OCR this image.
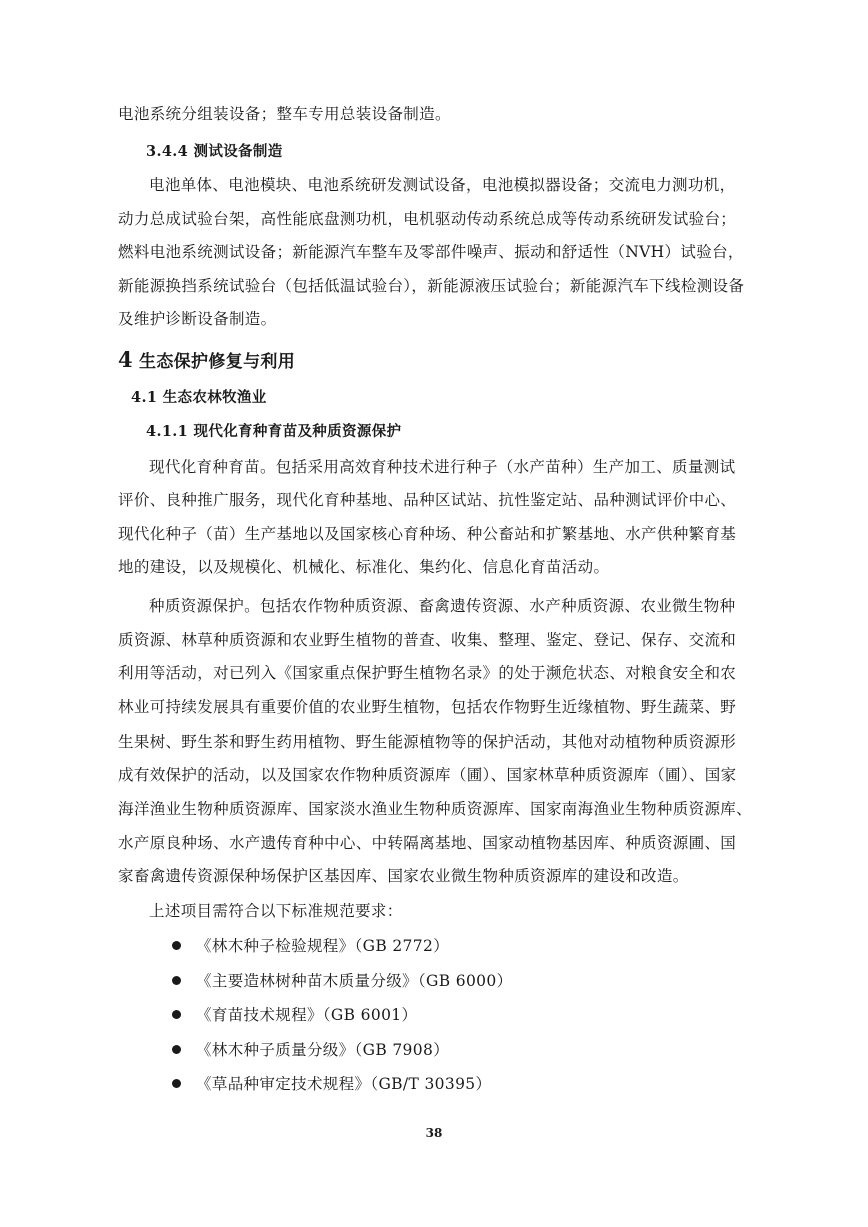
电池系统分组装设备；整车专用总装设备制造。
3.4.4 测试设备制造
电池单体、电池模块、电池系统研发测试设备，电池模拟器设备；交流电力测功机，
动力总成试验台架，高性能底盘测功机，电机驱动传动系统总成等传动系统研发试验台；
燃料电池系统测试设备；新能源汽车整车及零部件噪声、振动和舒适性（NVH）试验台，
新能源换挡系统试验台（包括低温试验台），新能源液压试验台；新能源汽车下线检测设备
及维护诊断设备制造。
4 生态保护修复与利用
4.1 生态农林牧渔业
4.1.1 现代化育种育苗及种质资源保护
现代化育种育苗。包括采用高效育种技术进行种子（水产苗种）生产加工、质量测试
评价、良种推广服务，现代化育种基地、品种区试站、抗性鉴定站、品种测试评价中心、
现代化种子（苗）生产基地以及国家核心育种场、种公畜站和扩繁基地、水产供种繁育基
地的建设，以及规模化、机械化、标准化、集约化、信息化育苗活动。
种质资源保护。包括农作物种质资源、畜禽遗传资源、水产种质资源、农业微生物种
质资源、林草种质资源和农业野生植物的普查、收集、整理、鉴定、登记、保存、交流和
利用等活动，对已列入《国家重点保护野生植物名录》的处于濒危状态、对粮食安全和农
林业可持续发展具有重要价值的农业野生植物，包括农作物野生近缘植物、野生蔬菜、野
生果树、野生茶和野生药用植物、野生能源植物等的保护活动，其他对动植物种质资源形
成有效保护的活动，以及国家农作物种质资源库（圃）、国家林草种质资源库（圃）、国家
海洋渔业生物种质资源库、国家淡水渔业生物种质资源库、国家南海渔业生物种质资源库、
水产原良种场、水产遗传育种中心、中转隔离基地、国家动植物基因库、种质资源圃、国
家畜禽遗传资源保种场保护区基因库、国家农业微生物种质资源库的建设和改造。
上述项目需符合以下标准规范要求：
《林木种子检验规程》（GB 2772）
《主要造林树种苗木质量分级》（GB 6000）
《育苗技术规程》（GB 6001）
《林木种子质量分级》（GB 7908）
《草品种审定技术规程》（GB/T 30395）
38
